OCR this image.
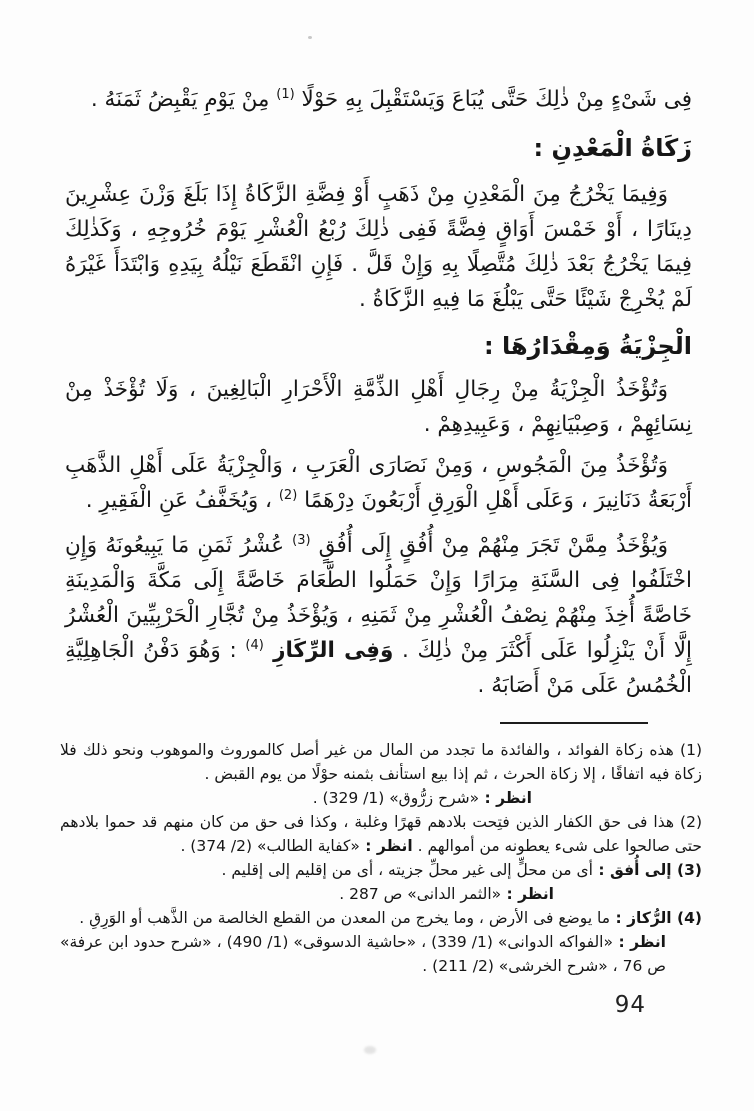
فِى شَىْءٍ مِنْ ذٰلِكَ حَتَّى يُبَاعَ وَيَسْتَقْبِلَ بِهِ حَوْلًا $^{(1)}$ مِنْ يَوْمِ يَقْبِضُ ثَمَنَهُ .

زَكَاةُ الْمَعْدِنِ :

وَفِيمَا يَخْرُجُ مِنَ الْمَعْدِنِ مِنْ ذَهَبٍ أَوْ فِضَّةِ الزَّكَاةُ إِذَا بَلَغَ وَزْنَ عِشْرِينَ دِينَارًا ، أَوْ خَمْسَ أَوَاقٍ فِضَّةً فَفِى ذٰلِكَ رُبْعُ الْعُشْرِ يَوْمَ خُرُوجِهِ ، وَكَذٰلِكَ فِيمَا يَخْرُجُ بَعْدَ ذٰلِكَ مُتَّصِلًا بِهِ وَإِنْ قَلَّ . فَإِنِ انْقَطَعَ نَيْلُهُ بِيَدِهِ وَابْتَدَأَ غَيْرَهُ لَمْ يُخْرِجْ شَيْئًا حَتَّى يَبْلُغَ مَا فِيهِ الزَّكَاةُ .

الْجِزْيَةُ وَمِقْدَارُهَا :

وَتُؤْخَذُ الْجِزْيَةُ مِنْ رِجَالِ أَهْلِ الذِّمَّةِ الْأَحْرَارِ الْبَالِغِينَ ، وَلَا تُؤْخَذْ مِنْ نِسَائِهِمْ ، وَصِبْيَانِهِمْ ، وَعَبِيدِهِمْ .

وَتُؤْخَذُ مِنَ الْمَجُوسِ ، وَمِنْ نَصَارَى الْعَرَبِ ، وَالْجِزْيَةُ عَلَى أَهْلِ الذَّهَبِ أَرْبَعَةُ دَنَانِيرَ ، وَعَلَى أَهْلِ الْوَرِقِ أَرْبَعُونَ دِرْهَمًا $^{(2)}$ ، وَيُخَفَّفُ عَنِ الْفَقِيرِ .

وَيُؤْخَذُ مِمَّنْ تَجَرَ مِنْهُمْ مِنْ أُفُقٍ إِلَى أُفُقٍ $^{(3)}$ عُشْرُ ثَمَنِ مَا يَبِيعُونَهُ وَإِنِ اخْتَلَفُوا فِى السَّنَةِ مِرَارًا وَإِنْ حَمَلُوا الطَّعَامَ خَاصَّةً إِلَى مَكَّةَ وَالْمَدِينَةِ خَاصَّةً أُخِذَ مِنْهُمْ نِصْفُ الْعُشْرِ مِنْ ثَمَنِهِ ، وَيُؤْخَذُ مِنْ تُجَّارِ الْحَرْبِيِّينَ الْعُشْرُ إِلَّا أَنْ يَنْزِلُوا عَلَى أَكْثَرَ مِنْ ذٰلِكَ . وَفِى الرِّكَازِ $^{(4)}$ : وَهُوَ دَفْنُ الْجَاهِلِيَّةِ الْخُمُسُ عَلَى مَنْ أَصَابَهُ .

(1) هذه زكاة الفوائد ، والفائدة ما تجدد من المال من غير أصل كالموروث والموهوب ونحو ذلك فلا زكاة فيه اتفاقًا ، إلا زكاة الحرث ، ثم إذا بيع استأنف بثمنه حوْلًا من يوم القبض .
انظر : «شرح زرُّوق» (1/ 329) .
(2) هذا فى حق الكفار الذين فتِحت بلادهم قهرًا وغلبة ، وكذا فى حق من كان منهم قد حموا بلادهم حتى صالحوا على شىء يعطونه من أموالهم . انظر : «كفاية الطالب» (2/ 374) .
(3) إلى أُفق : أى من محلٍّ إلى غير محلِّ جزيته ، أى من إقليم إلى إقليم .
انظر : «الثمر الدانى» ص 287 .
(4) الرُّكاز : ما يوضع فى الأرض ، وما يخرج من المعدن من القطع الخالصة من الذَّهب أو الوَرِقِ .
انظر : «الفواكه الدوانى» (1/ 339) ، «حاشية الدسوقى» (1/ 490) ، «شرح حدود ابن عرفة» ص 76 ، «شرح الخرشى» (2/ 211) .
94
